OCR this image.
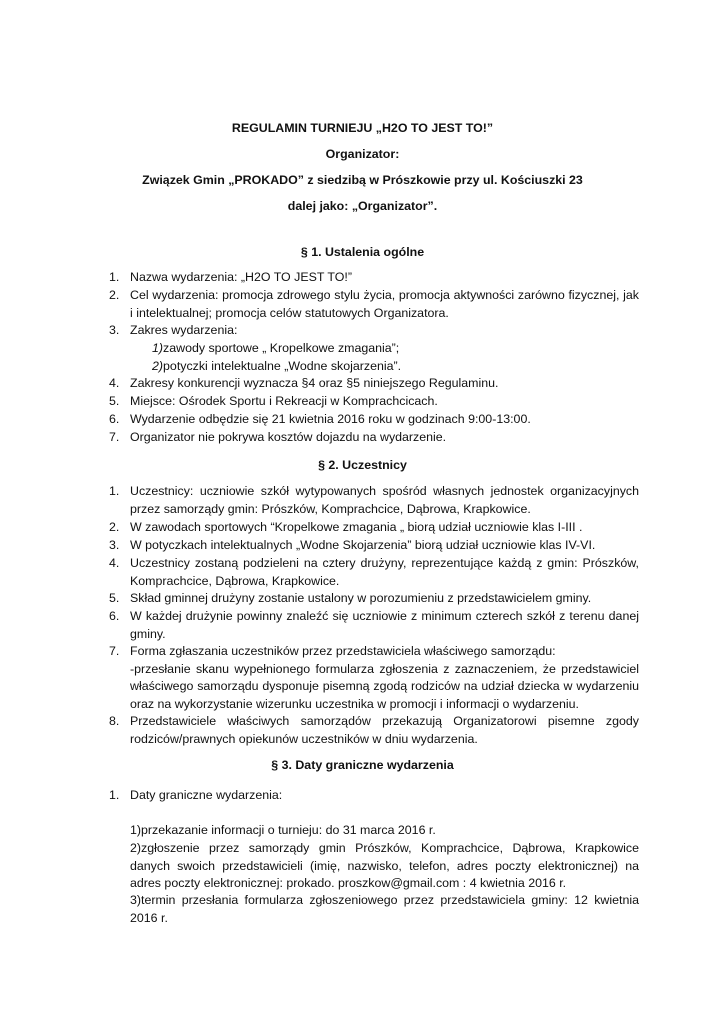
REGULAMIN TURNIEJU „H2O TO JEST TO!”
Organizator:
Związek Gmin „PROKADO” z siedzibą w Prószkowie przy ul. Kościuszki 23
dalej jako: „Organizator”.
§ 1. Ustalenia ogólne
1. Nazwa wydarzenia: „H2O TO JEST TO!”
2. Cel wydarzenia: promocja zdrowego stylu życia, promocja aktywności zarówno fizycznej, jak i intelektualnej; promocja celów statutowych Organizatora.
3. Zakres wydarzenia:
1)zawody sportowe „ Kropelkowe zmagania”;
2)potyczki intelektualne „Wodne skojarzenia”.
4. Zakresy konkurencji wyznacza §4 oraz §5 niniejszego Regulaminu.
5. Miejsce: Ośrodek Sportu i Rekreacji w Komprachcicach.
6. Wydarzenie odbędzie się 21 kwietnia 2016 roku w godzinach 9:00-13:00.
7. Organizator nie pokrywa kosztów dojazdu na wydarzenie.
§ 2. Uczestnicy
1. Uczestnicy: uczniowie szkół wytypowanych spośród własnych jednostek organizacyjnych przez samorządy gmin: Prószków, Komprachcice, Dąbrowa, Krapkowice.
2. W zawodach sportowych “Kropelkowe zmagania „ biorą udział uczniowie klas I-III .
3. W potyczkach intelektualnych „Wodne Skojarzenia” biorą udział uczniowie klas IV-VI.
4. Uczestnicy zostaną podzieleni na cztery drużyny, reprezentujące każdą z gmin: Prószków, Komprachcice, Dąbrowa, Krapkowice.
5. Skład gminnej drużyny zostanie ustalony w porozumieniu z przedstawicielem gminy.
6. W każdej drużynie powinny znaleźć się uczniowie z minimum czterech szkół z terenu danej gminy.
7. Forma zgłaszania uczestników przez przedstawiciela właściwego samorządu:
-przesłanie skanu wypełnionego formularza zgłoszenia z zaznaczeniem, że przedstawiciel właściwego samorządu dysponuje pisemną zgodą rodziców na udział dziecka w wydarzeniu oraz na wykorzystanie wizerunku uczestnika w promocji i informacji o wydarzeniu.
8. Przedstawiciele właściwych samorządów przekazują Organizatorowi pisemne zgody rodziców/prawnych opiekunów uczestników w dniu wydarzenia.
§ 3. Daty graniczne wydarzenia
1. Daty graniczne wydarzenia:
1)przekazanie informacji o turnieju: do 31 marca 2016 r.
2)zgłoszenie przez samorządy gmin Prószków, Komprachcice, Dąbrowa, Krapkowice danych swoich przedstawicieli (imię, nazwisko, telefon, adres poczty elektronicznej) na adres poczty elektronicznej: prokado. proszkow@gmail.com : 4 kwietnia 2016 r.
3)termin przesłania formularza zgłoszeniowego przez przedstawiciela gminy: 12 kwietnia 2016 r.
